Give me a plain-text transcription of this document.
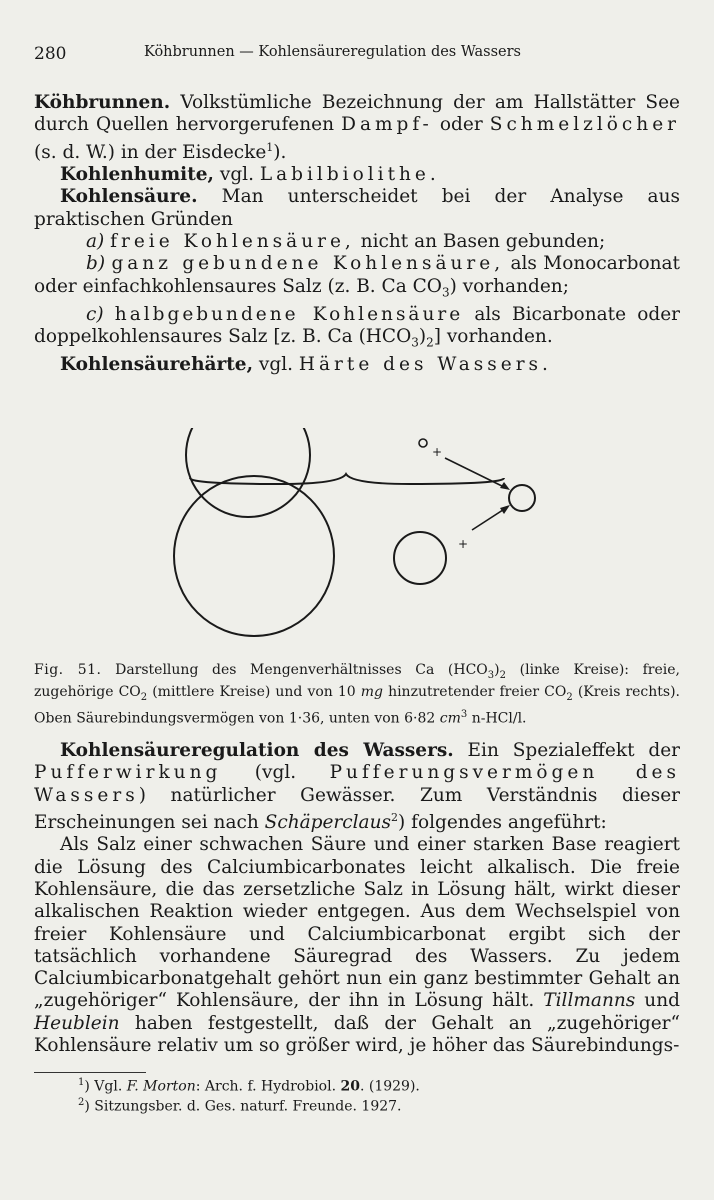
280	Köhbrunnen — Kohlensäureregulation des Wassers

Köhbrunnen. Volkstümliche Bezeichnung der am Hallstätter See durch Quellen hervorgerufenen Dampf- oder Schmelzlöcher (s. d. W.) in der Eisdecke$^1$).

Kohlenhumite, vgl. Labilbiolithe.

Kohlensäure. Man unterscheidet bei der Analyse aus praktischen Gründen

a) freie Kohlensäure, nicht an Basen gebunden;

b) ganz gebundene Kohlensäure, als Monocarbonat oder einfachkohlensaures Salz (z. B. Ca $CO_3$) vorhanden;

c) halbgebundene Kohlensäure als Bicarbonate oder doppelkohlensaures Salz [z. B. Ca $(HCO_3)_2$] vorhanden.

Kohlensäurehärte, vgl. Härte des Wassers.

+
+
Fig. 51. Darstellung des Mengenverhältnisses Ca $(HCO_3)_2$ (linke Kreise): freie, zugehörige $CO_2$ (mittlere Kreise) und von 10 mg hinzutretender freier $CO_2$ (Kreis rechts). Oben Säurebindungsvermögen von 1·36, unten von 6·82 $cm^3$ n-HCl/l.

Kohlensäureregulation des Wassers. Ein Spezialeffekt der Pufferwirkung (vgl. Pufferungsvermögen des Wassers) natürlicher Gewässer. Zum Verständnis dieser Erscheinungen sei nach Schäperclaus$^2$) folgendes angeführt:

Als Salz einer schwachen Säure und einer starken Base reagiert die Lösung des Calciumbicarbonates leicht alkalisch. Die freie Kohlensäure, die das zersetzliche Salz in Lösung hält, wirkt dieser alkalischen Reaktion wieder entgegen. Aus dem Wechselspiel von freier Kohlensäure und Calciumbicarbonat ergibt sich der tatsächlich vorhandene Säuregrad des Wassers. Zu jedem Calciumbicarbonatgehalt gehört nun ein ganz bestimmter Gehalt an „zugehöriger“ Kohlensäure, der ihn in Lösung hält. Tillmanns und Heublein haben festgestellt, daß der Gehalt an „zugehöriger“ Kohlensäure relativ um so größer wird, je höher das Säurebindungs-

$^1$) Vgl. F. Morton: Arch. f. Hydrobiol. 20. (1929).
$^2$) Sitzungsber. d. Ges. naturf. Freunde. 1927.
